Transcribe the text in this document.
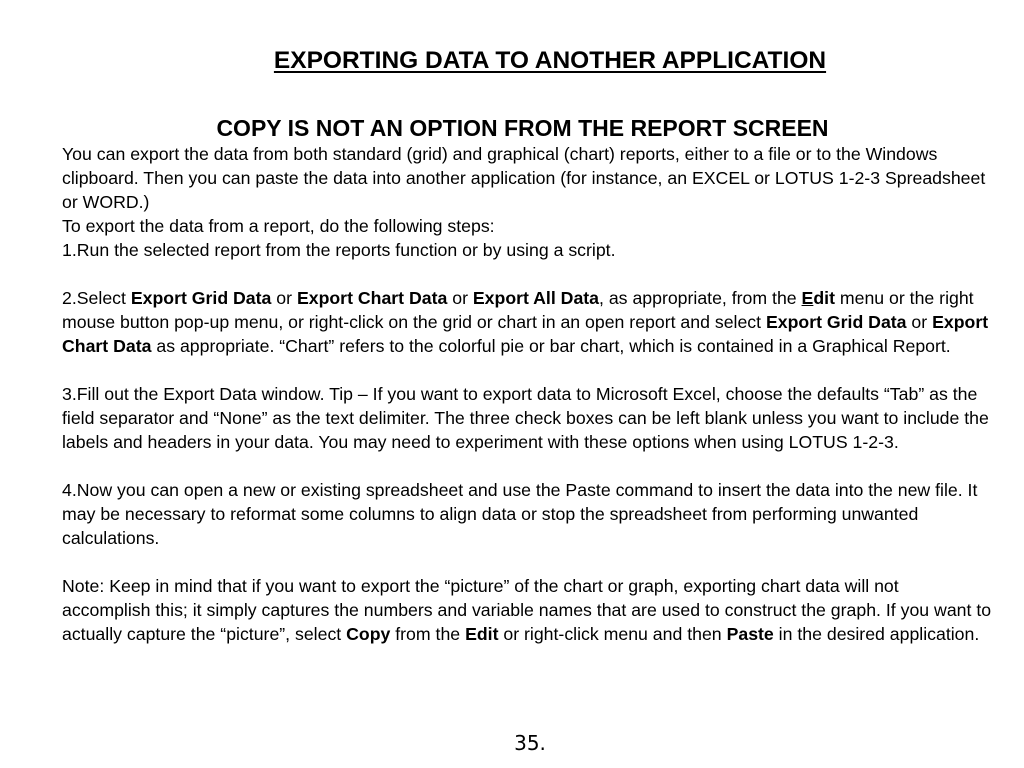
EXPORTING DATA TO ANOTHER APPLICATION
COPY IS NOT AN OPTION FROM THE REPORT SCREEN

You can export the data from both standard (grid) and graphical (chart) reports, either to a file or to the Windows clipboard. Then you can paste the data into another application (for instance, an EXCEL or LOTUS 1-2-3 Spreadsheet or WORD.)

To export the data from a report, do the following steps:

1.Run the selected report from the reports function or by using a script.

2.Select Export Grid Data or Export Chart Data or Export All Data, as appropriate, from the Edit menu or the right mouse button pop-up menu, or right-click on the grid or chart in an open report and select Export Grid Data or Export Chart Data as appropriate. “Chart” refers to the colorful pie or bar chart, which is contained in a Graphical Report.

3.Fill out the Export Data window. Tip – If you want to export data to Microsoft Excel, choose the defaults “Tab” as the field separator and “None” as the text delimiter. The three check boxes can be left blank unless you want to include the labels and headers in your data. You may need to experiment with these options when using LOTUS 1-2-3.

4.Now you can open a new or existing spreadsheet and use the Paste command to insert the data into the new file. It may be necessary to reformat some columns to align data or stop the spreadsheet from performing unwanted calculations.

Note: Keep in mind that if you want to export the “picture” of the chart or graph, exporting chart data will not accomplish this; it simply captures the numbers and variable names that are used to construct the graph. If you want to actually capture the “picture”, select Copy from the Edit or right-click menu and then Paste in the desired application.

35.
